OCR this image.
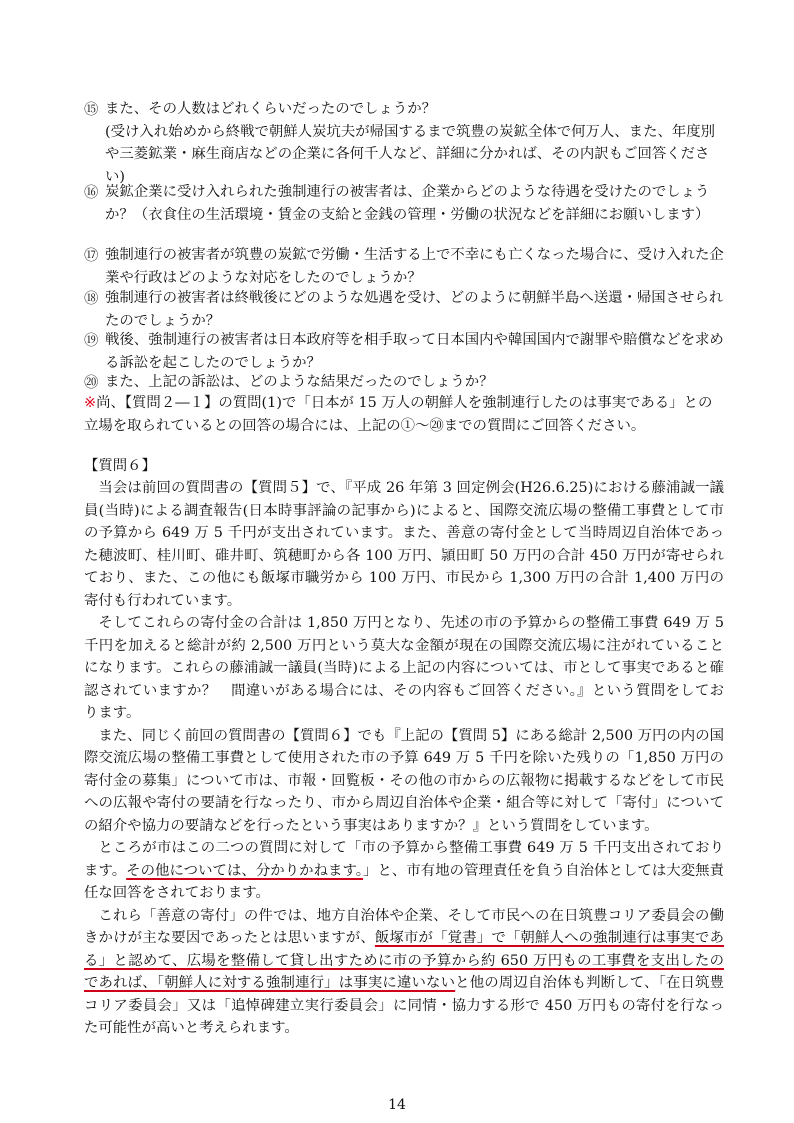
⑮ また、その人数はどれくらいだったのでしょうか？
(受け入れ始めから終戦で朝鮮人炭坑夫が帰国するまで筑豊の炭鉱全体で何万人、また、年度別や三菱鉱業・麻生商店などの企業に各何千人など、詳細に分かれば、その内訳もご回答ください)
⑯ 炭鉱企業に受け入れられた強制連行の被害者は、企業からどのような待遇を受けたのでしょうか？（衣食住の生活環境・賃金の支給と金銭の管理・労働の状況などを詳細にお願いします）
⑰ 強制連行の被害者が筑豊の炭鉱で労働・生活する上で不幸にも亡くなった場合に、受け入れた企業や行政はどのような対応をしたのでしょうか？
⑱ 強制連行の被害者は終戦後にどのような処遇を受け、どのように朝鮮半島へ送還・帰国させられたのでしょうか？
⑲ 戦後、強制連行の被害者は日本政府等を相手取って日本国内や韓国国内で謝罪や賠償などを求める訴訟を起こしたのでしょうか？
⑳ また、上記の訴訟は、どのような結果だったのでしょうか？
※尚、【質問２―１】の質問(1)で「日本が 15 万人の朝鮮人を強制連行したのは事実である」との立場を取られているとの回答の場合には、上記の①～⑳までの質問にご回答ください。
【質問６】

当会は前回の質問書の【質問５】で、『平成 26 年第 3 回定例会(H26.6.25)における藤浦誠一議員(当時)による調査報告(日本時事評論の記事から)によると、国際交流広場の整備工事費として市の予算から 649 万 5 千円が支出されています。また、善意の寄付金として当時周辺自治体であった穂波町、桂川町、碓井町、筑穂町から各 100 万円、頴田町 50 万円の合計 450 万円が寄せられており、また、この他にも飯塚市職労から 100 万円、市民から 1,300 万円の合計 1,400 万円の寄付も行われています。

そしてこれらの寄付金の合計は 1,850 万円となり、先述の市の予算からの整備工事費 649 万 5 千円を加えると総計が約 2,500 万円という莫大な金額が現在の国際交流広場に注がれていることになります。これらの藤浦誠一議員(当時)による上記の内容については、市として事実であると確認されていますか？　間違いがある場合には、その内容もご回答ください。』という質問をしております。

また、同じく前回の質問書の【質問６】でも『上記の【質問 5】にある総計 2,500 万円の内の国際交流広場の整備工事費として使用された市の予算 649 万 5 千円を除いた残りの「1,850 万円の寄付金の募集」について市は、市報・回覧板・その他の市からの広報物に掲載するなどをして市民への広報や寄付の要請を行なったり、市から周辺自治体や企業・組合等に対して「寄付」についての紹介や協力の要請などを行ったという事実はありますか？』という質問をしています。

ところが市はこの二つの質問に対して「市の予算から整備工事費 649 万 5 千円支出されております。その他については、分かりかねます。」と、市有地の管理責任を負う自治体としては大変無責任な回答をされております。

これら「善意の寄付」の件では、地方自治体や企業、そして市民への在日筑豊コリア委員会の働きかけが主な要因であったとは思いますが、飯塚市が「覚書」で「朝鮮人への強制連行は事実である」と認めて、広場を整備して貸し出すために市の予算から約 650 万円もの工事費を支出したのであれば、「朝鮮人に対する強制連行」は事実に違いないと他の周辺自治体も判断して、「在日筑豊コリア委員会」又は「追悼碑建立実行委員会」に同情・協力する形で 450 万円もの寄付を行なった可能性が高いと考えられます。

14
